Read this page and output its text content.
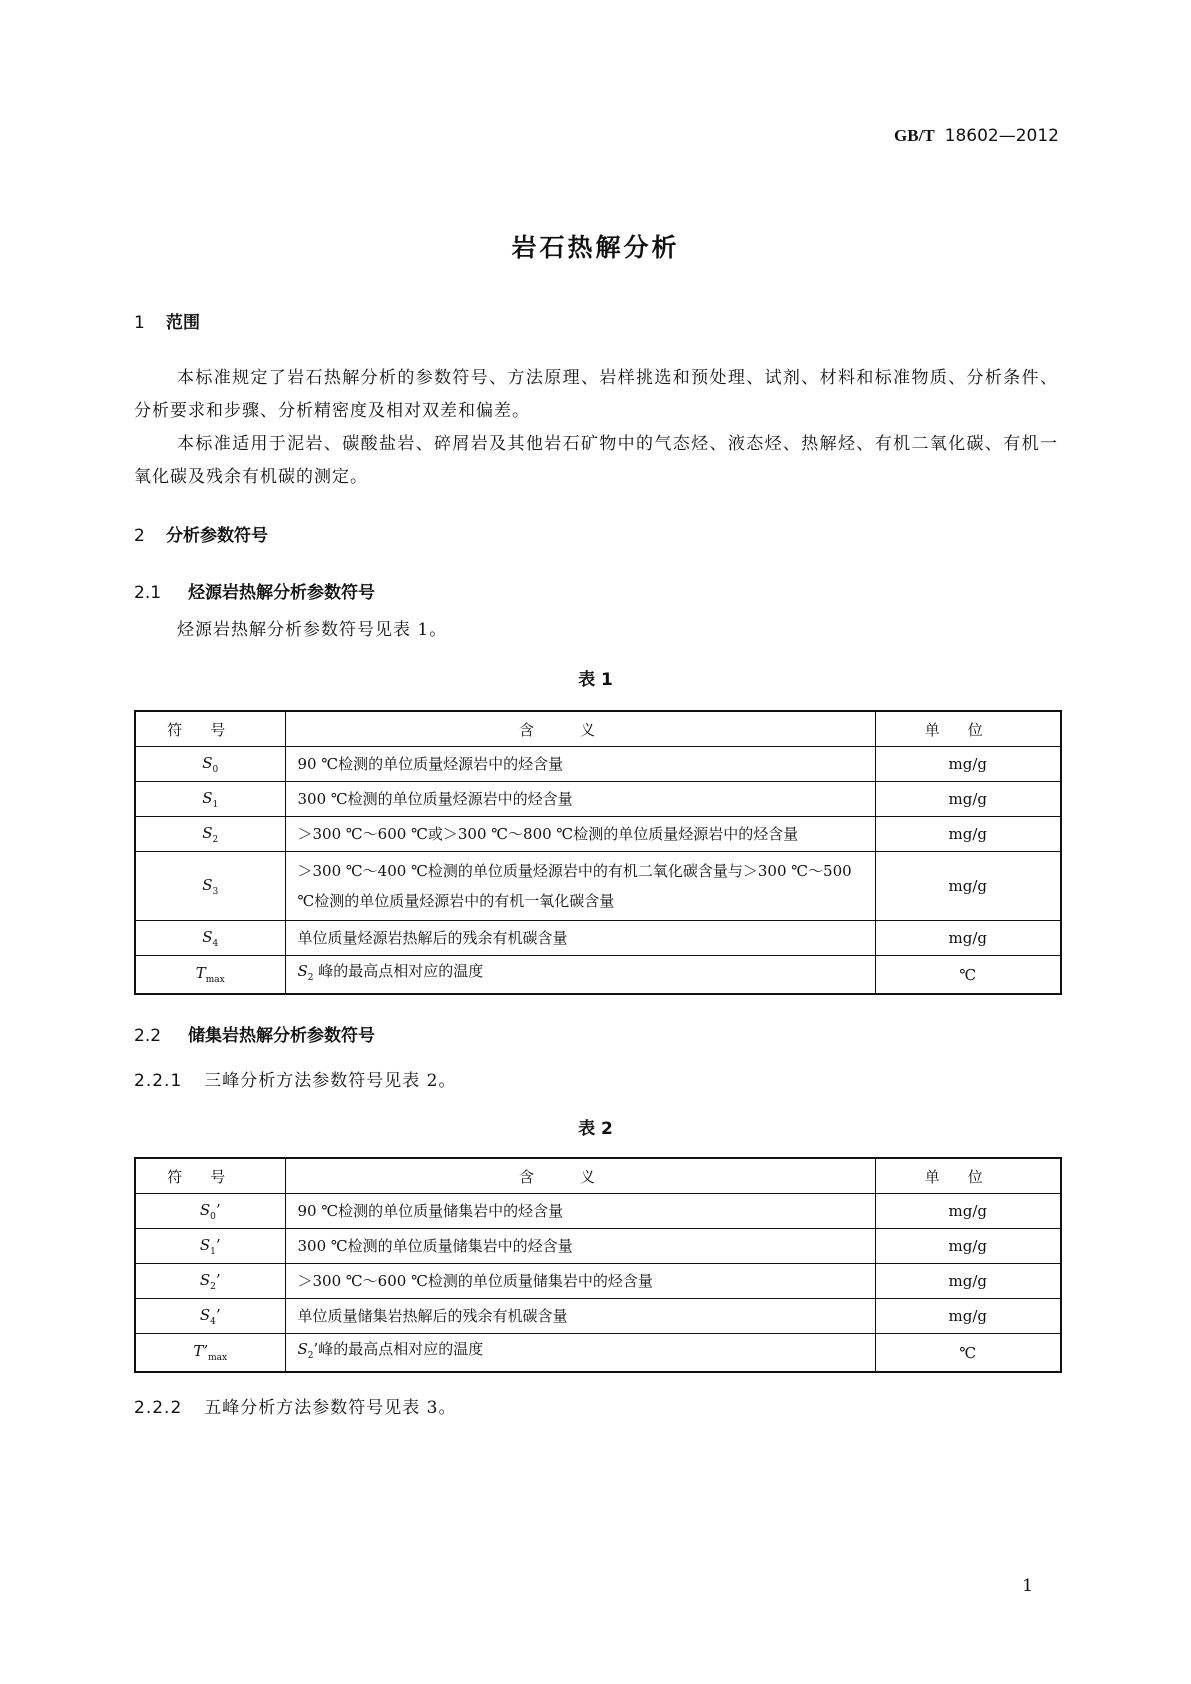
GB/T 18602—2012
岩石热解分析
1 范围

本标准规定了岩石热解分析的参数符号、方法原理、岩样挑选和预处理、试剂、材料和标准物质、分析条件、分析要求和步骤、分析精密度及相对双差和偏差。

本标准适用于泥岩、碳酸盐岩、碎屑岩及其他岩石矿物中的气态烃、液态烃、热解烃、有机二氧化碳、有机一氧化碳及残余有机碳的测定。

2 分析参数符号
2.1 烃源岩热解分析参数符号

烃源岩热解分析参数符号见表 1。

表 1
符号	含义	单位
$S_0$	90 ℃检测的单位质量烃源岩中的烃含量	mg/g
$S_1$	300 ℃检测的单位质量烃源岩中的烃含量	mg/g
$S_2$	＞300 ℃～600 ℃或＞300 ℃～800 ℃检测的单位质量烃源岩中的烃含量	mg/g
$S_3$	＞300 ℃～400 ℃检测的单位质量烃源岩中的有机二氧化碳含量与＞300 ℃～500 ℃检测的单位质量烃源岩中的有机一氧化碳含量	mg/g
$S_4$	单位质量烃源岩热解后的残余有机碳含量	mg/g
$T_{max}$	$S_2$ 峰的最高点相对应的温度	℃
2.2 储集岩热解分析参数符号
2.2.1 三峰分析方法参数符号见表 2。
表 2
符号	含义	单位
$S_0$’	90 ℃检测的单位质量储集岩中的烃含量	mg/g
$S_1$’	300 ℃检测的单位质量储集岩中的烃含量	mg/g
$S_2$’	＞300 ℃～600 ℃检测的单位质量储集岩中的烃含量	mg/g
$S_4$’	单位质量储集岩热解后的残余有机碳含量	mg/g
$T’_{max}$	$S_2$’峰的最高点相对应的温度	℃
2.2.2 五峰分析方法参数符号见表 3。
1
